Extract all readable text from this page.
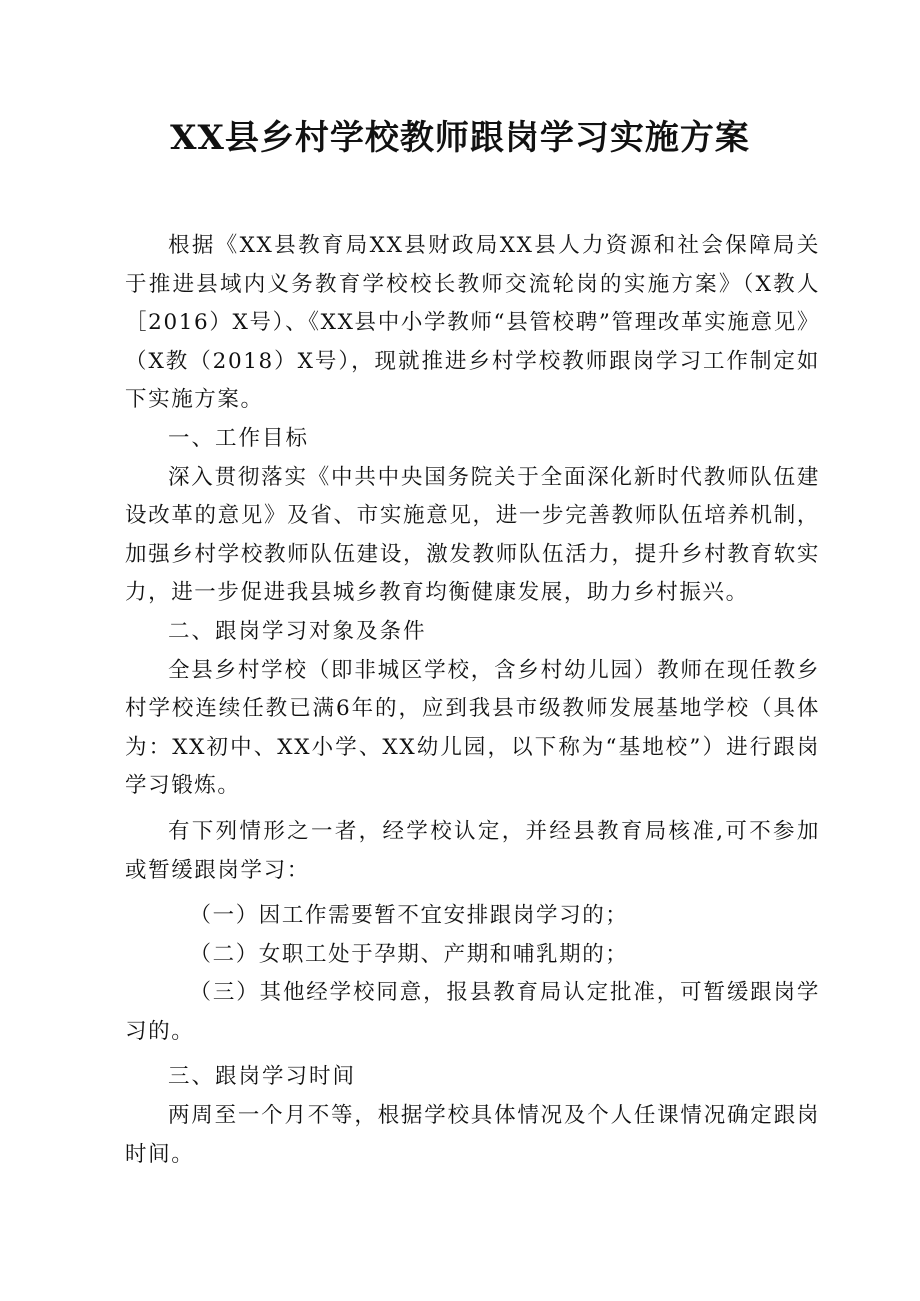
XX县乡村学校教师跟岗学习实施方案

根据《XX县教育局XX县财政局XX县人力资源和社会保障局关于推进县域内义务教育学校校长教师交流轮岗的实施方案》（X教人［2016）X号）、《XX县中小学教师“县管校聘”管理改革实施意见》（X教（2018）X号），现就推进乡村学校教师跟岗学习工作制定如下实施方案。

一、工作目标

深入贯彻落实《中共中央国务院关于全面深化新时代教师队伍建设改革的意见》及省、市实施意见，进一步完善教师队伍培养机制，加强乡村学校教师队伍建设，激发教师队伍活力，提升乡村教育软实力，进一步促进我县城乡教育均衡健康发展，助力乡村振兴。

二、跟岗学习对象及条件

全县乡村学校（即非城区学校，含乡村幼儿园）教师在现任教乡村学校连续任教已满6年的，应到我县市级教师发展基地学校（具体为：XX初中、XX小学、XX幼儿园，以下称为“基地校”）进行跟岗学习锻炼。

有下列情形之一者，经学校认定，并经县教育局核准,可不参加或暂缓跟岗学习：

（一）因工作需要暂不宜安排跟岗学习的；

（二）女职工处于孕期、产期和哺乳期的；

（三）其他经学校同意，报县教育局认定批准，可暂缓跟岗学习的。

三、跟岗学习时间

两周至一个月不等，根据学校具体情况及个人任课情况确定跟岗时间。
